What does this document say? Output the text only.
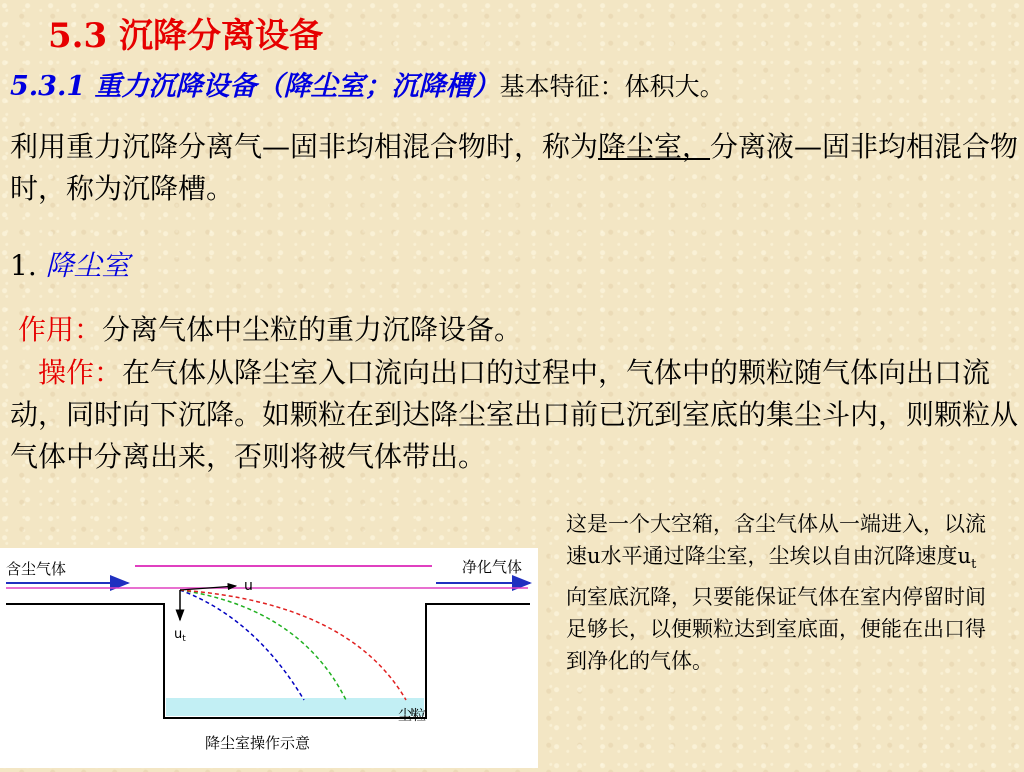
5.3 沉降分离设备
5.3.1 重力沉降设备（降尘室；沉降槽）基本特征：体积大。
利用重力沉降分离气—固非均相混合物时，称为降尘室，分离液—固非均相混合物时，称为沉降槽。
1. 降尘室
作用：分离气体中尘粒的重力沉降设备。
操作：在气体从降尘室入口流向出口的过程中，气体中的颗粒随气体向出口流动，同时向下沉降。如颗粒在到达降尘室出口前已沉到室底的集尘斗内，则颗粒从气体中分离出来，否则将被气体带出。
这是一个大空箱，含尘气体从一端进入，以流速u水平通过降尘室，尘埃以自由沉降速度$u_t$ 向室底沉降，只要能保证气体在室内停留时间足够长，以便颗粒达到室底面，便能在出口得到净化的气体。
含尘气体	净化气体
u
$u_t$
尘粒
降尘室操作示意
